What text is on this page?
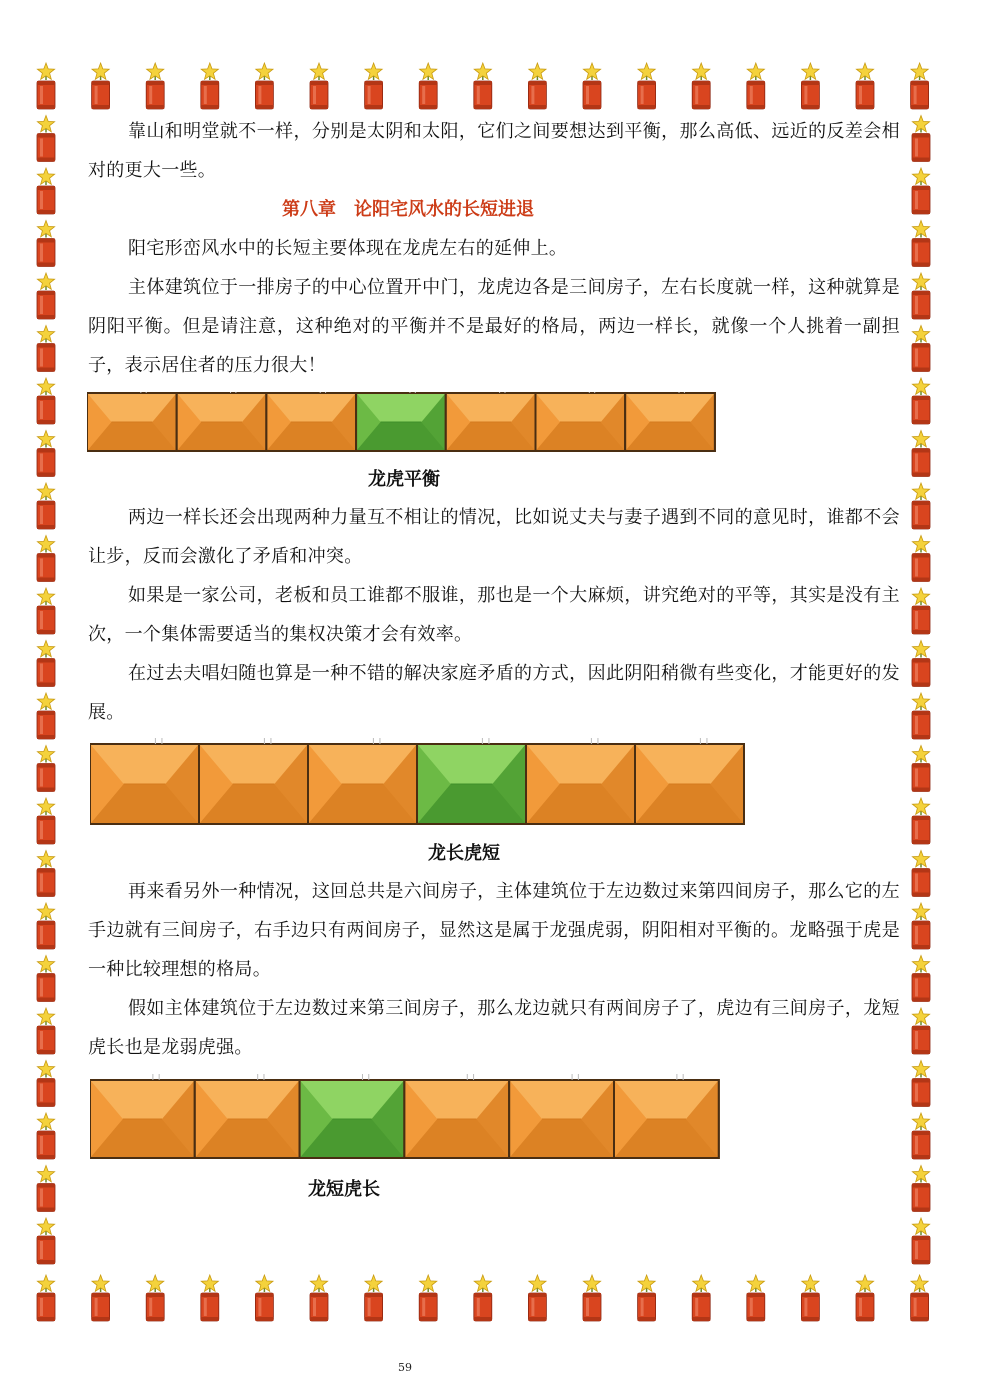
靠山和明堂就不一样，分别是太阴和太阳，它们之间要想达到平衡，那么高低、远近的反差会相对的更大一些。

第八章　论阳宅风水的长短进退

阳宅形峦风水中的长短主要体现在龙虎左右的延伸上。

主体建筑位于一排房子的中心位置开中门，龙虎边各是三间房子，左右长度就一样，这种就算是阴阳平衡。但是请注意，这种绝对的平衡并不是最好的格局，两边一样长，就像一个人挑着一副担子，表示居住者的压力很大！

龙虎平衡

两边一样长还会出现两种力量互不相让的情况，比如说丈夫与妻子遇到不同的意见时，谁都不会让步，反而会激化了矛盾和冲突。

如果是一家公司，老板和员工谁都不服谁，那也是一个大麻烦，讲究绝对的平等，其实是没有主次，一个集体需要适当的集权决策才会有效率。

在过去夫唱妇随也算是一种不错的解决家庭矛盾的方式，因此阴阳稍微有些变化，才能更好的发展。

龙长虎短

再来看另外一种情况，这回总共是六间房子，主体建筑位于左边数过来第四间房子，那么它的左手边就有三间房子，右手边只有两间房子，显然这是属于龙强虎弱，阴阳相对平衡的。龙略强于虎是一种比较理想的格局。

假如主体建筑位于左边数过来第三间房子，那么龙边就只有两间房子了，虎边有三间房子，龙短虎长也是龙弱虎强。

龙短虎长

59
